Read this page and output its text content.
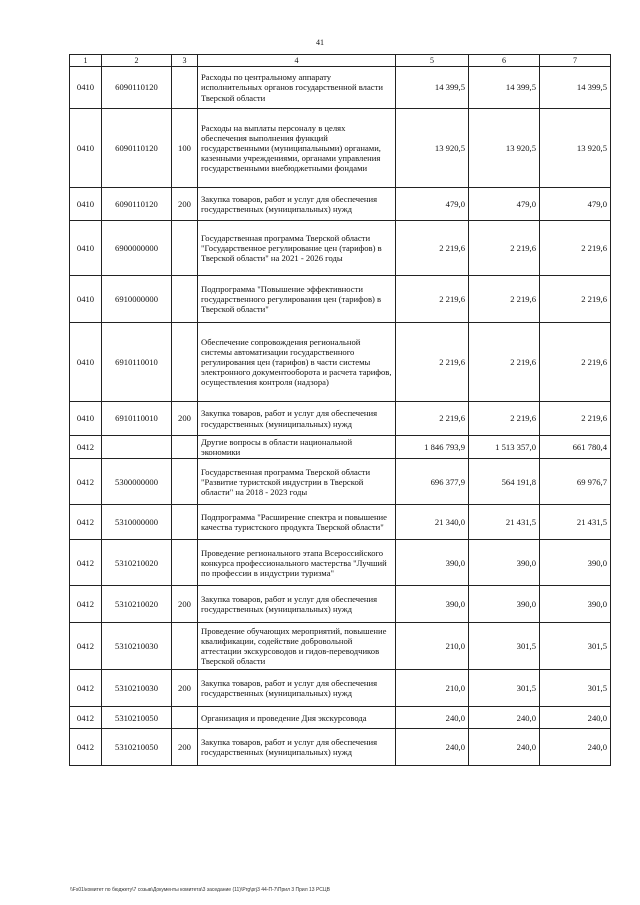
41
1	2	3	4	5	6	7
0410	6090110120		Расходы по центральному аппарату исполнительных органов государственной власти Тверской области	14 399,5	14 399,5	14 399,5
0410	6090110120	100	Расходы на выплаты персоналу в целях обеспечения выполнения функций государственными (муниципальными) органами, казенными учреждениями, органами управления государственными внебюджетными фондами	13 920,5	13 920,5	13 920,5
0410	6090110120	200	Закупка товаров, работ и услуг для обеспечения государственных (муниципальных) нужд	479,0	479,0	479,0
0410	6900000000		Государственная программа Тверской области "Государственное регулирование цен (тарифов) в Тверской области" на 2021 - 2026 годы	2 219,6	2 219,6	2 219,6
0410	6910000000		Подпрограмма "Повышение эффективности государственного регулирования цен (тарифов) в Тверской области"	2 219,6	2 219,6	2 219,6
0410	6910110010		Обеспечение сопровождения региональной системы автоматизации государственного регулирования цен (тарифов) в части системы электронного документооборота и расчета тарифов, осуществления контроля (надзора)	2 219,6	2 219,6	2 219,6
0410	6910110010	200	Закупка товаров, работ и услуг для обеспечения государственных (муниципальных) нужд	2 219,6	2 219,6	2 219,6
0412			Другие вопросы в области национальной экономики	1 846 793,9	1 513 357,0	661 780,4
0412	5300000000		Государственная программа Тверской области "Развитие туристской индустрии в Тверской области" на 2018 - 2023 годы	696 377,9	564 191,8	69 976,7
0412	5310000000		Подпрограмма "Расширение спектра и повышение качества туристского продукта Тверской области"	21 340,0	21 431,5	21 431,5
0412	5310210020		Проведение регионального этапа Всероссийского конкурса профессионального мастерства "Лучший по профессии в индустрии туризма"	390,0	390,0	390,0
0412	5310210020	200	Закупка товаров, работ и услуг для обеспечения государственных (муниципальных) нужд	390,0	390,0	390,0
0412	5310210030		Проведение обучающих мероприятий, повышение квалификации, содействие добровольной аттестации экскурсоводов и гидов-переводчиков Тверской области	210,0	301,5	301,5
0412	5310210030	200	Закупка товаров, работ и услуг для обеспечения государственных (муниципальных) нужд	210,0	301,5	301,5
0412	5310210050		Организация и проведение Дня экскурсовода	240,0	240,0	240,0
0412	5310210050	200	Закупка товаров, работ и услуг для обеспечения государственных (муниципальных) нужд	240,0	240,0	240,0
\\Fs01\комитет по бюджету\7 созыв\Документы комитета\3 заседание (11)\Prg\prj3 44-П-7\Прил 3 Прил 13 РСЦВ
